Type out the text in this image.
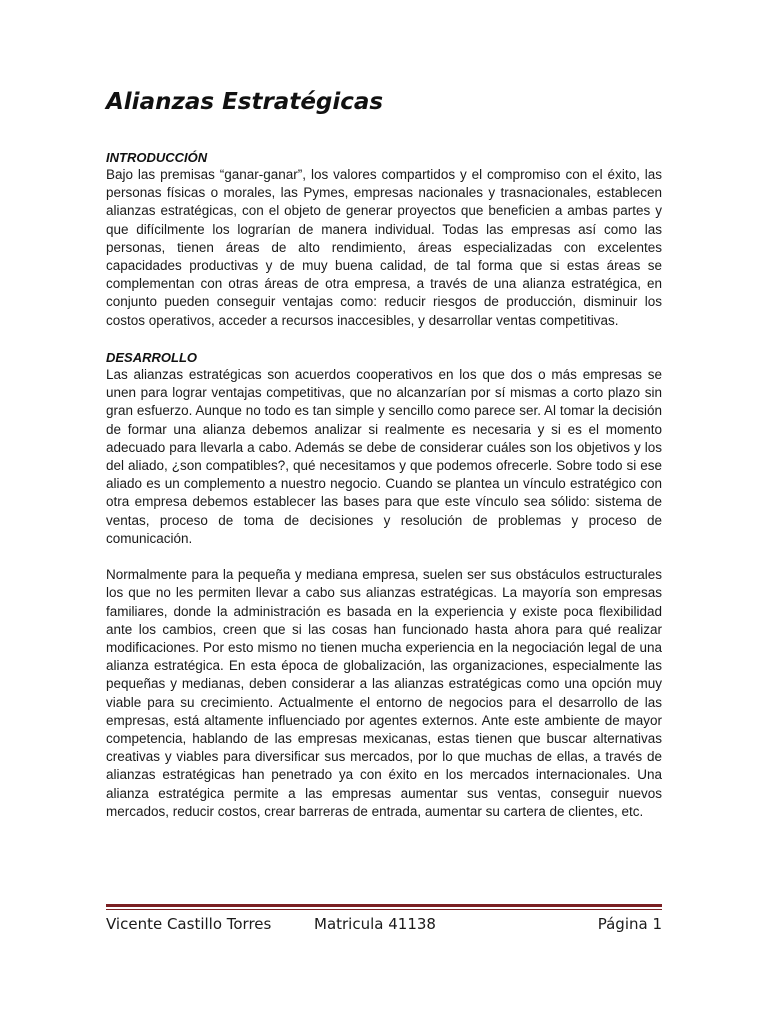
Alianzas Estratégicas
INTRODUCCIÓN

Bajo las premisas “ganar-ganar”, los valores compartidos y el compromiso con el éxito, las personas físicas o morales, las Pymes, empresas nacionales y trasnacionales, establecen alianzas estratégicas, con el objeto de generar proyectos que beneficien a ambas partes y que difícilmente los lograrían de manera individual. Todas las empresas así como las personas, tienen áreas de alto rendimiento, áreas especializadas con excelentes capacidades productivas y de muy buena calidad, de tal forma que si estas áreas se complementan con otras áreas de otra empresa, a través de una alianza estratégica, en conjunto pueden conseguir ventajas como: reducir riesgos de producción, disminuir los costos operativos, acceder a recursos inaccesibles, y desarrollar ventas competitivas.

DESARROLLO

Las alianzas estratégicas son acuerdos cooperativos en los que dos o más empresas se unen para lograr ventajas competitivas, que no alcanzarían por sí mismas a corto plazo sin gran esfuerzo. Aunque no todo es tan simple y sencillo como parece ser. Al tomar la decisión de formar una alianza debemos analizar si realmente es necesaria y si es el momento adecuado para llevarla a cabo. Además se debe de considerar cuáles son los objetivos y los del aliado, ¿son compatibles?, qué necesitamos y que podemos ofrecerle. Sobre todo si ese aliado es un complemento a nuestro negocio. Cuando se plantea un vínculo estratégico con otra empresa debemos establecer las bases para que este vínculo sea sólido: sistema de ventas, proceso de toma de decisiones y resolución de problemas y proceso de comunicación.

Normalmente para la pequeña y mediana empresa, suelen ser sus obstáculos estructurales los que no les permiten llevar a cabo sus alianzas estratégicas. La mayoría son empresas familiares, donde la administración es basada en la experiencia y existe poca flexibilidad ante los cambios, creen que si las cosas han funcionado hasta ahora para qué realizar modificaciones. Por esto mismo no tienen mucha experiencia en la negociación legal de una alianza estratégica. En esta época de globalización, las organizaciones, especialmente las pequeñas y medianas, deben considerar a las alianzas estratégicas como una opción muy viable para su crecimiento. Actualmente el entorno de negocios para el desarrollo de las empresas, está altamente influenciado por agentes externos. Ante este ambiente de mayor competencia, hablando de las empresas mexicanas, estas tienen que buscar alternativas creativas y viables para diversificar sus mercados, por lo que muchas de ellas, a través de alianzas estratégicas han penetrado ya con éxito en los mercados internacionales. Una alianza estratégica permite a las empresas aumentar sus ventas, conseguir nuevos mercados, reducir costos, crear barreras de entrada, aumentar su cartera de clientes, etc.

Vicente Castillo Torres	Matricula 41138	Página 1
